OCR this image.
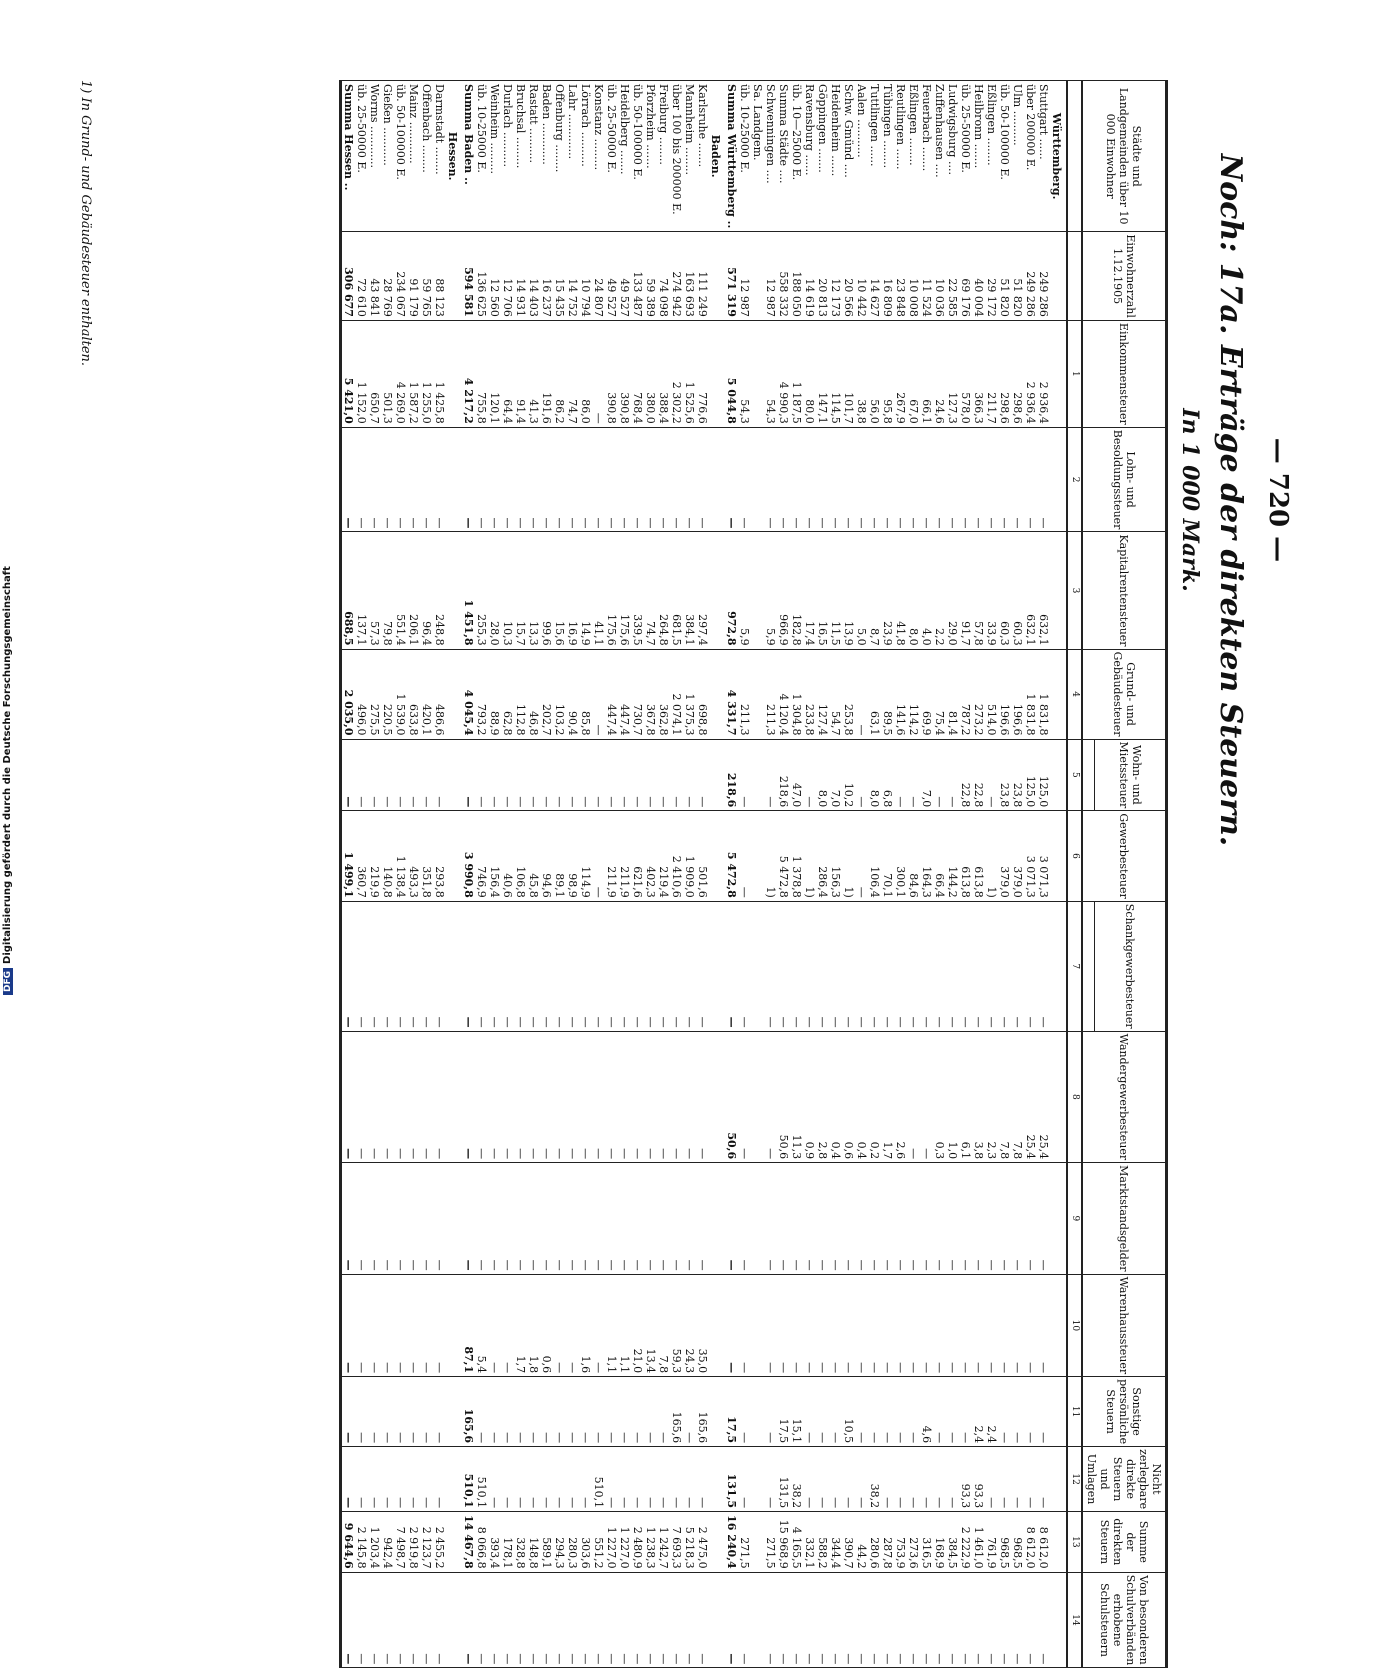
— 720 —
Noch: 17a. Erträge der direkten Steuern.
In 1 000 Mark.
Städte und Landgemeinden über 10 000 Einwohner	Einwohnerzahl 1.12.1905	Einkommensteuer	Lohn- und Besoldungssteuer	Kapitalrentensteuer	Grund- und Gebäudesteuer	Wohn- und Mietssteuer	Gewerbesteuer	Schankgewerbesteuer	Wandergewerbesteuer	Marktstandsgelder	Warenhaussteuer	Sonstige persönliche Steuern	Nicht zerlegbare direkte Steuern und Umlagen	Summe der direkten Steuern	Von besonderen Schulverbänden erhobene Schulsteuern

		1	2	3	4	5	6	7	8	9	10	11	12	13	14
Württemberg.															
Stuttgart ......	249 286	2 936,4	—	632,1	1 831,8	125,0	3 071,3	—	25,4	—	—	—	—	8 612,0	—
über 200000 E.	249 286	2 936,4	—	632,1	1 831,8	125,0	3 071,3	—	25,4	—	—	—	—	8 612,0	—
Ulm ..........	51 820	298,6	—	60,3	196,6	23,8	379,0	—	7,8	—	—	—	—	968,5	—
üb. 50-100000 E.	51 820	298,6	—	60,3	196,6	23,8	379,0	—	7,8	—	—	—	—	968,5	—
Eßlingen ........	29 172	211,7	—	33,9	514,0	—	1)	—	2,3	—	—	2,4	—	761,9	—
Heilbronn .......	40 004	366,3	—	57,8	273,2	22,8	613,8	—	3,8	—	—	2,4	93,3	1 461,0	—
üb. 25-50000 E.	69 176	578,0	—	91,7	787,2	22,8	613,8	—	6,1	—	—	—	93,3	2 222,9	—
Ludwigsburg ....	22 585	127,3	—	29,0	81,4	—	144,2	—	1,0	—	—	—	—	384,5	—
Zuffenhausen ....	10 036	24,6	—	2,2	75,4	—	66,4	—	0,3	—	—	—	—	168,9	—
Feuerbach .......	11 524	66,1	—	4,0	69,9	7,0	164,3	—	—	—	—	4,6	—	316,5	—
Eßlingen ........	10 008	67,0	—	8,0	114,2	—	84,6	—	—	—	—	—	—	273,6	—
Reutlingen ......	23 848	267,9	—	41,8	141,6	—	300,1	—	2,6	—	—	—	—	753,9	—
Tübingen ........	16 809	95,8	—	23,9	89,5	6,8	70,1	—	1,7	—	—	—	—	287,8	—
Tuttlingen ......	14 627	56,0	—	8,7	63,1	8,0	106,4	—	0,2	—	—	—	38,2	280,6	—
Aalen ...........	10 442	38,8	—	5,0	—	—	—	—	0,4	—	—	—	—	44,2	—
Schw. Gmünd ....	20 566	101,7	—	13,9	253,8	10,2	1)	—	0,6	—	—	10,5	—	390,7	—
Heidenheim ......	12 173	114,5	—	11,5	54,7	7,0	156,3	—	0,4	—	—	—	—	344,4	—
Göppingen .......	20 813	147,1	—	16,5	127,4	8,0	286,4	—	2,8	—	—	—	—	588,2	—
Ravensburg ......	14 619	80,0	—	17,4	233,8	—	1)	—	0,9	—	—	—	—	332,1	—
üb. 10—25000 E.	188 050	1 187,5	—	182,8	1 304,8	47,0	1 378,8	—	11,3	—	—	15,1	38,2	4 165,5	—
Summa Städte ....	558 332	4 990,3	—	966,9	4 120,4	218,6	5 472,8	—	50,6	—	—	17,5	131,5	15 968,9	—
Schwenningen ....	12 987	54,3	—	5,9	211,3	—	1)	—	—	—	—	—	—	271,5	—
Sa. Landgem.															
üb. 10-25000 E.	12 987	54,3	—	5,9	211,3	—	—	—	—	—	—	—	—	271,5	—
Summa Württemberg ..	571 319	5 044,8	—	972,8	4 331,7	218,6	5 472,8	—	50,6	—	—	17,5	131,5	16 240,4	—
Baden.															
Karlsruhe .......	111 249	776,6	—	297,4	698,8	—	501,6	—	—	—	35,0	165,6	—	2 475,0	—
Mannheim ........	163 693	1 525,6	—	384,1	1 375,3	—	1 909,0	—	—	—	24,3	—	—	5 218,3	—
über 100 bis 200000 E.	274 942	2 302,2	—	681,5	2 074,1	—	2 410,6	—	—	—	59,3	165,6	—	7 693,3	—
Freiburg ........	74 098	388,4	—	264,8	362,8	—	219,4	—	—	—	7,8	—	—	1 242,7	—
Pforzheim .......	59 389	380,0	—	74,7	367,8	—	402,3	—	—	—	13,4	—	—	1 238,3	—
üb. 50-100000 E.	133 487	768,4	—	339,5	730,7	—	621,6	—	—	—	21,0	—	—	2 480,9	—
Heidelberg .......	49 527	390,8	—	175,6	447,4	—	211,9	—	—	—	1,1	—	—	1 227,0	—
üb. 25-50000 E.	49 527	390,8	—	175,6	447,4	—	211,9	—	—	—	1,1	—	—	1 227,0	—
Konstanz .........	24 807	—	—	41,1	—	—	—	—	—	—	—	—	510,1	551,2	—
Lörrach ..........	10 794	86,0	—	14,9	85,8	—	114,9	—	—	—	1,6	—	—	303,6	—
Lahr .............	14 752	74,7	—	16,9	90,4	—	98,9	—	—	—	—	—	—	280,3	—
Offenburg ........	15 435	86,2	—	15,6	103,2	—	89,1	—	—	—	—	—	—	294,3	—
Baden ............	16 237	191,6	—	99,6	202,7	—	94,6	—	—	—	0,6	—	—	589,1	—
Rastatt ..........	14 403	41,3	—	13,3	46,8	—	45,8	—	—	—	1,8	—	—	148,8	—
Bruchsal .........	14 931	91,4	—	15,7	112,8	—	106,8	—	—	—	1,7	—	—	328,8	—
Durlach ..........	12 706	64,4	—	10,3	62,8	—	40,6	—	—	—	—	—	—	178,1	—
Weinheim .........	12 560	120,1	—	28,0	88,9	—	156,4	—	—	—	—	—	—	393,4	—
üb. 10-25000 E.	136 625	755,8	—	255,3	793,2	—	746,9	—	—	—	5,4	—	510,1	8 066,8	—
Summa Baden ..	594 581	4 217,2	—	1 451,8	4 045,4	—	3 990,8	—	—	—	87,1	165,6	510,1	14 467,8	—
Hessen.															
Darmstadt ........	88 123	1 425,8	—	248,8	486,6	—	293,8	—	—	—	—	—	—	2 455,2	—
Offenbach ........	59 765	1 255,0	—	96,4	420,1	—	351,8	—	—	—	—	—	—	2 123,7	—
Mainz ............	91 179	1 587,2	—	206,1	633,8	—	493,3	—	—	—	—	—	—	2 919,8	—
üb. 50-100000 E.	234 067	4 269,0	—	551,4	1 539,0	—	1 138,4	—	—	—	—	—	—	7 498,7	—
Gießen ...........	28 769	501,3	—	79,8	220,5	—	140,8	—	—	—	—	—	—	942,4	—
Worms ............	43 841	650,7	—	57,3	275,5	—	219,9	—	—	—	—	—	—	1 203,4	—
üb. 25-50000 E.	72 610	1 152,0	—	137,1	496,0	—	360,7	—	—	—	—	—	—	2 145,8	—
Summa Hessen ..	306 677	5 421,0	—	688,5	2 035,0	—	1 499,1	—	—	—	—	—	—	9 644,6	—
1) In Grund- und Gebäudesteuer enthalten.
DFGDigitalisierung gefördert durch die Deutsche Forschungsgemeinschaft
